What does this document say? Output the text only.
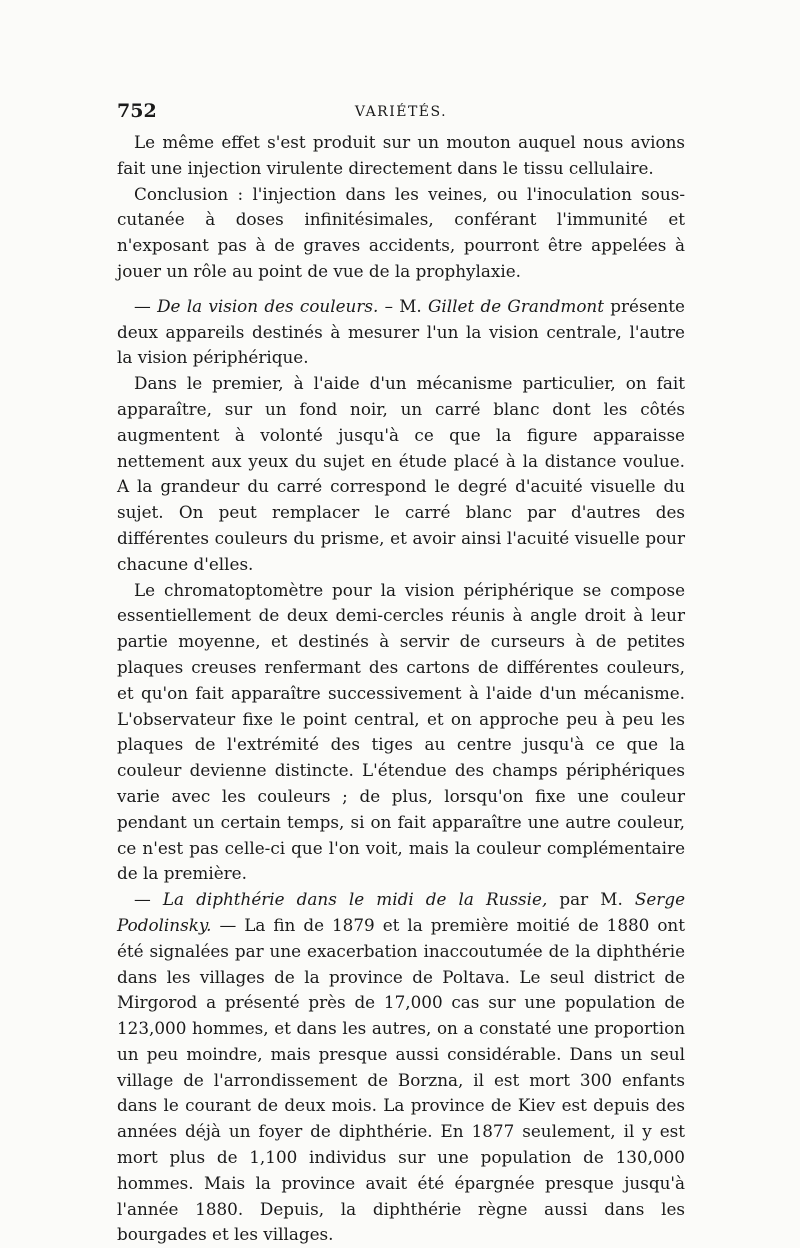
752	VARIÉTÉS.

Le même effet s'est produit sur un mouton auquel nous avions fait une injection virulente directement dans le tissu cellulaire.

Conclusion : l'injection dans les veines, ou l'inoculation sous-cutanée à doses infinitésimales, conférant l'immunité et n'exposant pas à de graves accidents, pourront être appelées à jouer un rôle au point de vue de la prophylaxie.

— De la vision des couleurs. – M. Gillet de Grandmont présente deux appareils destinés à mesurer l'un la vision centrale, l'autre la vision périphérique.

Dans le premier, à l'aide d'un mécanisme particulier, on fait apparaître, sur un fond noir, un carré blanc dont les côtés augmentent à volonté jusqu'à ce que la figure apparaisse nettement aux yeux du sujet en étude placé à la distance voulue. A la grandeur du carré correspond le degré d'acuité visuelle du sujet. On peut remplacer le carré blanc par d'autres des différentes couleurs du prisme, et avoir ainsi l'acuité visuelle pour chacune d'elles.

Le chromatoptomètre pour la vision périphérique se compose essentiellement de deux demi-cercles réunis à angle droit à leur partie moyenne, et destinés à servir de curseurs à de petites plaques creuses renfermant des cartons de différentes couleurs, et qu'on fait apparaître successivement à l'aide d'un mécanisme. L'observateur fixe le point central, et on approche peu à peu les plaques de l'extrémité des tiges au centre jusqu'à ce que la couleur devienne distincte. L'étendue des champs périphériques varie avec les couleurs ; de plus, lorsqu'on fixe une couleur pendant un certain temps, si on fait apparaître une autre couleur, ce n'est pas celle-ci que l'on voit, mais la couleur complémentaire de la première.

— La diphthérie dans le midi de la Russie, par M. Serge Podolinsky. — La fin de 1879 et la première moitié de 1880 ont été signalées par une exacerbation inaccoutumée de la diphthérie dans les villages de la province de Poltava. Le seul district de Mirgorod a présenté près de 17,000 cas sur une population de 123,000 hommes, et dans les autres, on a constaté une proportion un peu moindre, mais presque aussi considérable. Dans un seul village de l'arrondissement de Borzna, il est mort 300 enfants dans le courant de deux mois. La province de Kiev est depuis des années déjà un foyer de diphthérie. En 1877 seulement, il y est mort plus de 1,100 individus sur une population de 130,000 hommes. Mais la province avait été épargnée presque jusqu'à l'année 1880. Depuis, la diphthérie règne aussi dans les bourgades et les villages.
